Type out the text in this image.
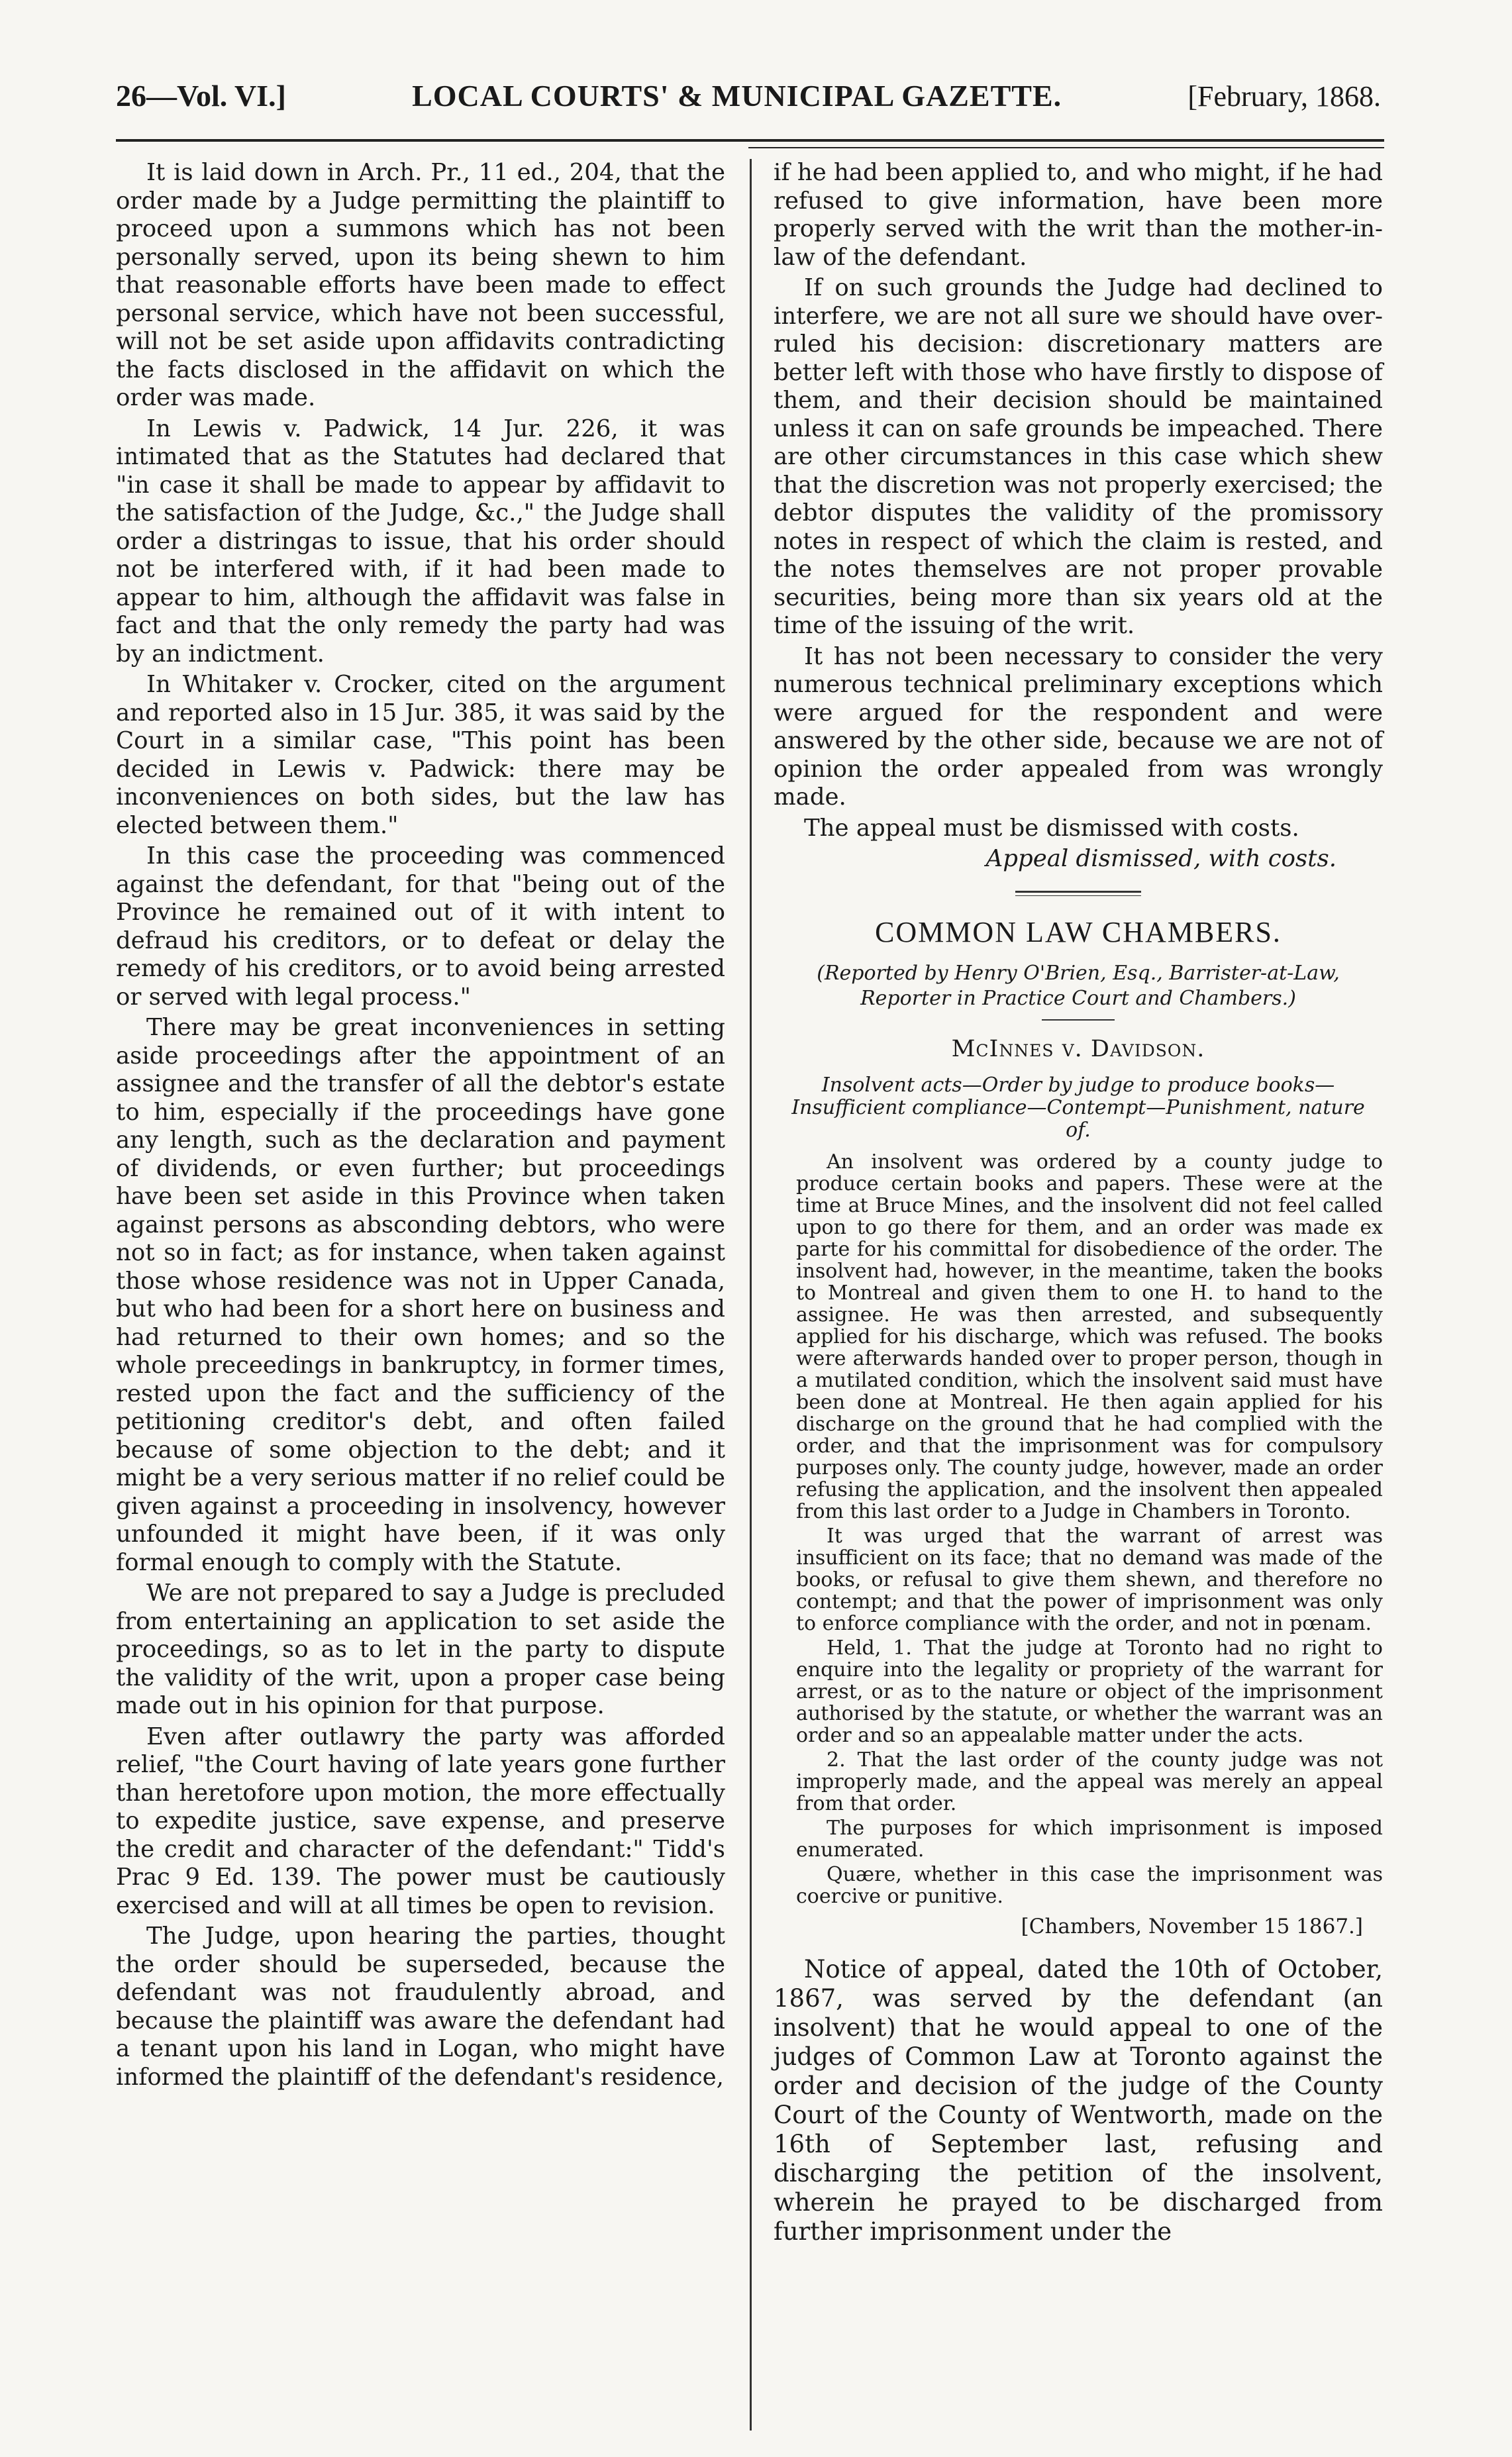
26—Vol. VI.]	LOCAL COURTS' & MUNICIPAL GAZETTE.	[February, 1868.

It is laid down in Arch. Pr., 11 ed., 204, that the order made by a Judge permitting the plaintiff to proceed upon a summons which has not been personally served, upon its being shewn to him that reasonable efforts have been made to effect personal service, which have not been successful, will not be set aside upon affidavits contradicting the facts disclosed in the affidavit on which the order was made.

In Lewis v. Padwick, 14 Jur. 226, it was intimated that as the Statutes had declared that "in case it shall be made to appear by affidavit to the satisfaction of the Judge, &c.," the Judge shall order a distringas to issue, that his order should not be interfered with, if it had been made to appear to him, although the affidavit was false in fact and that the only remedy the party had was by an indictment.

In Whitaker v. Crocker, cited on the argument and reported also in 15 Jur. 385, it was said by the Court in a similar case, "This point has been decided in Lewis v. Padwick: there may be inconveniences on both sides, but the law has elected between them."

In this case the proceeding was commenced against the defendant, for that "being out of the Province he remained out of it with intent to defraud his creditors, or to defeat or delay the remedy of his creditors, or to avoid being arrested or served with legal process."

There may be great inconveniences in setting aside proceedings after the appointment of an assignee and the transfer of all the debtor's estate to him, especially if the proceedings have gone any length, such as the declaration and payment of dividends, or even further; but proceedings have been set aside in this Province when taken against persons as absconding debtors, who were not so in fact; as for instance, when taken against those whose residence was not in Upper Canada, but who had been for a short here on business and had returned to their own homes; and so the whole preceedings in bankruptcy, in former times, rested upon the fact and the sufficiency of the petitioning creditor's debt, and often failed because of some objection to the debt; and it might be a very serious matter if no relief could be given against a proceeding in insolvency, however unfounded it might have been, if it was only formal enough to comply with the Statute.

We are not prepared to say a Judge is precluded from entertaining an application to set aside the proceedings, so as to let in the party to dispute the validity of the writ, upon a proper case being made out in his opinion for that purpose.

Even after outlawry the party was afforded relief, "the Court having of late years gone further than heretofore upon motion, the more effectually to expedite justice, save expense, and preserve the credit and character of the defendant:" Tidd's Prac 9 Ed. 139. The power must be cautiously exercised and will at all times be open to revision.

The Judge, upon hearing the parties, thought the order should be superseded, because the defendant was not fraudulently abroad, and because the plaintiff was aware the defendant had a tenant upon his land in Logan, who might have informed the plaintiff of the defendant's residence,

if he had been applied to, and who might, if he had refused to give information, have been more properly served with the writ than the mother-in-law of the defendant.

If on such grounds the Judge had declined to interfere, we are not all sure we should have over-ruled his decision: discretionary matters are better left with those who have firstly to dispose of them, and their decision should be maintained unless it can on safe grounds be impeached. There are other circumstances in this case which shew that the discretion was not properly exercised; the debtor disputes the validity of the promissory notes in respect of which the claim is rested, and the notes themselves are not proper provable securities, being more than six years old at the time of the issuing of the writ.

It has not been necessary to consider the very numerous technical preliminary exceptions which were argued for the respondent and were answered by the other side, because we are not of opinion the order appealed from was wrongly made.

The appeal must be dismissed with costs.

Appeal dismissed, with costs.

COMMON LAW CHAMBERS.
(Reported by Henry O'Brien, Esq., Barrister-at-Law, Reporter in Practice Court and Chambers.)
McInnes v. Davidson.
Insolvent acts—Order by judge to produce books—Insufficient compliance—Contempt—Punishment, nature of.

An insolvent was ordered by a county judge to produce certain books and papers. These were at the time at Bruce Mines, and the insolvent did not feel called upon to go there for them, and an order was made ex parte for his committal for disobedience of the order. The insolvent had, however, in the meantime, taken the books to Montreal and given them to one H. to hand to the assignee. He was then arrested, and subsequently applied for his discharge, which was refused. The books were afterwards handed over to proper person, though in a mutilated condition, which the insolvent said must have been done at Montreal. He then again applied for his discharge on the ground that he had complied with the order, and that the imprisonment was for compulsory purposes only. The county judge, however, made an order refusing the application, and the insolvent then appealed from this last order to a Judge in Chambers in Toronto.

It was urged that the warrant of arrest was insufficient on its face; that no demand was made of the books, or refusal to give them shewn, and therefore no contempt; and that the power of imprisonment was only to enforce compliance with the order, and not in pœnam.

Held, 1. That the judge at Toronto had no right to enquire into the legality or propriety of the warrant for arrest, or as to the nature or object of the imprisonment authorised by the statute, or whether the warrant was an order and so an appealable matter under the acts.

2. That the last order of the county judge was not improperly made, and the appeal was merely an appeal from that order.

The purposes for which imprisonment is imposed enumerated.

Quære, whether in this case the imprisonment was coercive or punitive.

[Chambers, November 15 1867.]

Notice of appeal, dated the 10th of October, 1867, was served by the defendant (an insolvent) that he would appeal to one of the judges of Common Law at Toronto against the order and decision of the judge of the County Court of the County of Wentworth, made on the 16th of September last, refusing and discharging the petition of the insolvent, wherein he prayed to be discharged from further imprisonment under the
